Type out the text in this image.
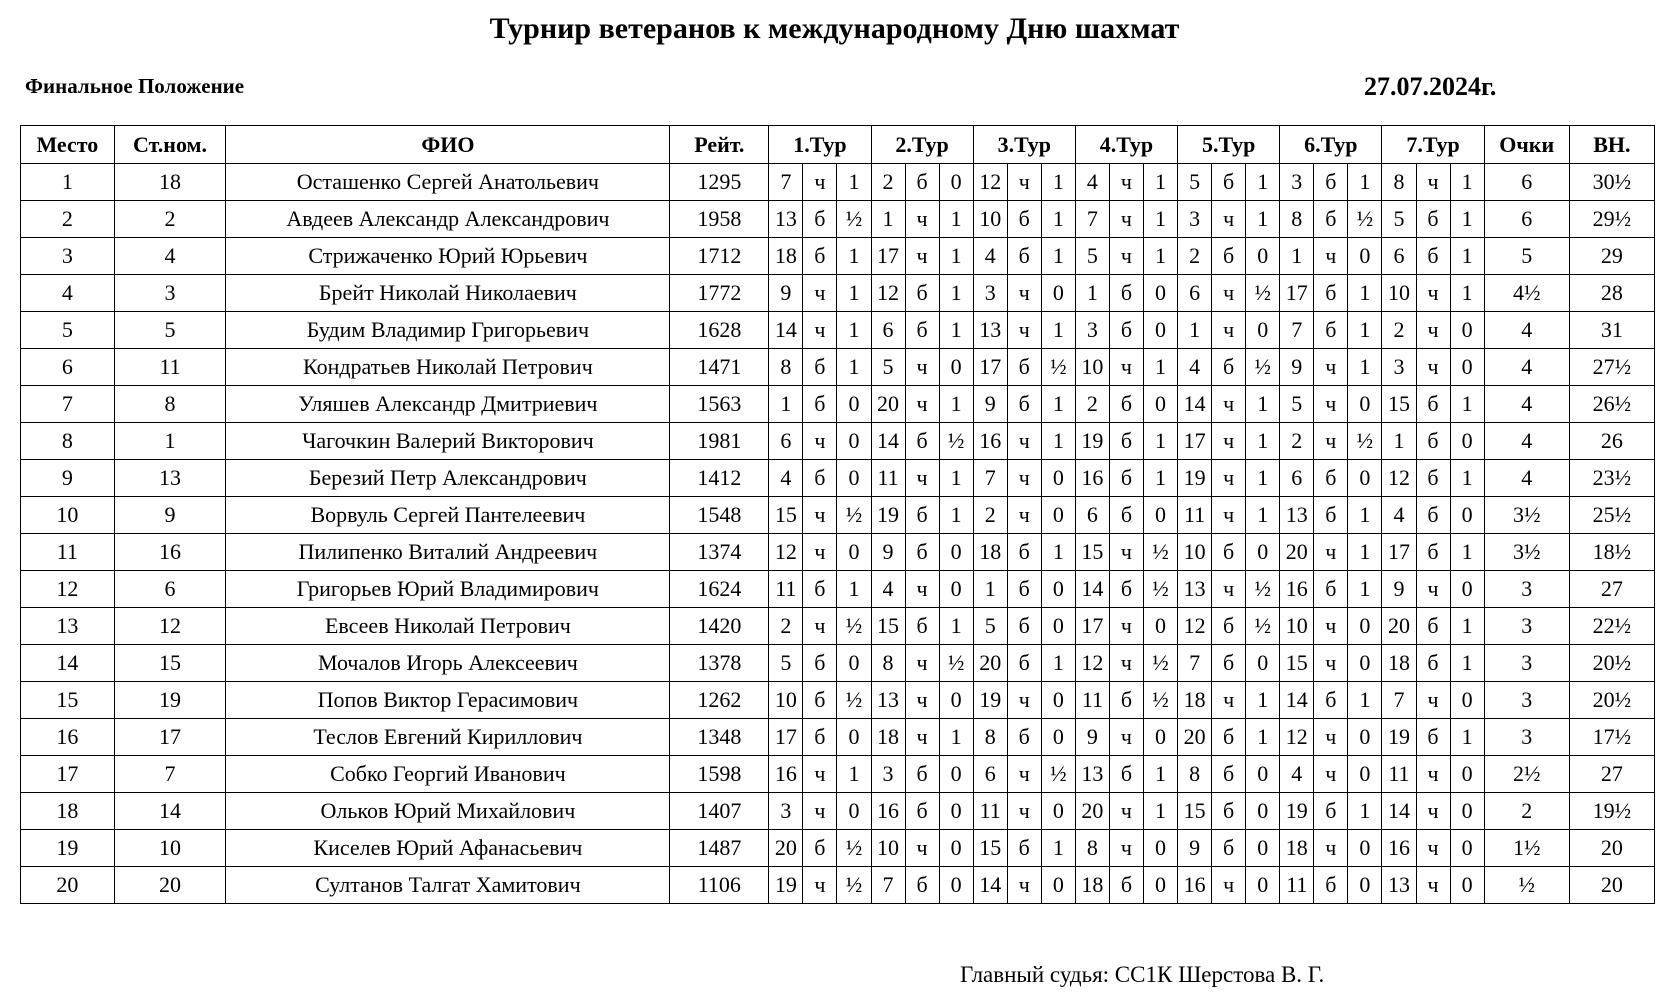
Турнир ветеранов к международному Дню шахмат
Финальное Положение	27.07.2024г.
Место	Ст.ном.	ФИО	Рейт.	1.Тур			2.Тур			3.Тур			4.Тур			5.Тур			6.Тур			7.Тур			Очки	ВН.
1	18	Осташенко Сергей Анатольевич	1295	7	ч	1	2	б	0	12	ч	1	4	ч	1	5	б	1	3	б	1	8	ч	1	6	30½
2	2	Авдеев Александр Александрович	1958	13	б	½	1	ч	1	10	б	1	7	ч	1	3	ч	1	8	б	½	5	б	1	6	29½
3	4	Стрижаченко Юрий Юрьевич	1712	18	б	1	17	ч	1	4	б	1	5	ч	1	2	б	0	1	ч	0	6	б	1	5	29
4	3	Брейт Николай Николаевич	1772	9	ч	1	12	б	1	3	ч	0	1	б	0	6	ч	½	17	б	1	10	ч	1	4½	28
5	5	Будим Владимир Григорьевич	1628	14	ч	1	6	б	1	13	ч	1	3	б	0	1	ч	0	7	б	1	2	ч	0	4	31
6	11	Кондратьев Николай Петрович	1471	8	б	1	5	ч	0	17	б	½	10	ч	1	4	б	½	9	ч	1	3	ч	0	4	27½
7	8	Уляшев Александр Дмитриевич	1563	1	б	0	20	ч	1	9	б	1	2	б	0	14	ч	1	5	ч	0	15	б	1	4	26½
8	1	Чагочкин Валерий Викторович	1981	6	ч	0	14	б	½	16	ч	1	19	б	1	17	ч	1	2	ч	½	1	б	0	4	26
9	13	Березий Петр Александрович	1412	4	б	0	11	ч	1	7	ч	0	16	б	1	19	ч	1	6	б	0	12	б	1	4	23½
10	9	Ворвуль Сергей Пантелеевич	1548	15	ч	½	19	б	1	2	ч	0	6	б	0	11	ч	1	13	б	1	4	б	0	3½	25½
11	16	Пилипенко Виталий Андреевич	1374	12	ч	0	9	б	0	18	б	1	15	ч	½	10	б	0	20	ч	1	17	б	1	3½	18½
12	6	Григорьев Юрий Владимирович	1624	11	б	1	4	ч	0	1	б	0	14	б	½	13	ч	½	16	б	1	9	ч	0	3	27
13	12	Евсеев Николай Петрович	1420	2	ч	½	15	б	1	5	б	0	17	ч	0	12	б	½	10	ч	0	20	б	1	3	22½
14	15	Мочалов Игорь Алексеевич	1378	5	б	0	8	ч	½	20	б	1	12	ч	½	7	б	0	15	ч	0	18	б	1	3	20½
15	19	Попов Виктор Герасимович	1262	10	б	½	13	ч	0	19	ч	0	11	б	½	18	ч	1	14	б	1	7	ч	0	3	20½
16	17	Теслов Евгений Кириллович	1348	17	б	0	18	ч	1	8	б	0	9	ч	0	20	б	1	12	ч	0	19	б	1	3	17½
17	7	Собко Георгий Иванович	1598	16	ч	1	3	б	0	6	ч	½	13	б	1	8	б	0	4	ч	0	11	ч	0	2½	27
18	14	Ольков Юрий Михайлович	1407	3	ч	0	16	б	0	11	ч	0	20	ч	1	15	б	0	19	б	1	14	ч	0	2	19½
19	10	Киселев Юрий Афанасьевич	1487	20	б	½	10	ч	0	15	б	1	8	ч	0	9	б	0	18	ч	0	16	ч	0	1½	20
20	20	Султанов Талгат Хамитович	1106	19	ч	½	7	б	0	14	ч	0	18	б	0	16	ч	0	11	б	0	13	ч	0	½	20
Главный судья: СС1К Шерстова В. Г.
